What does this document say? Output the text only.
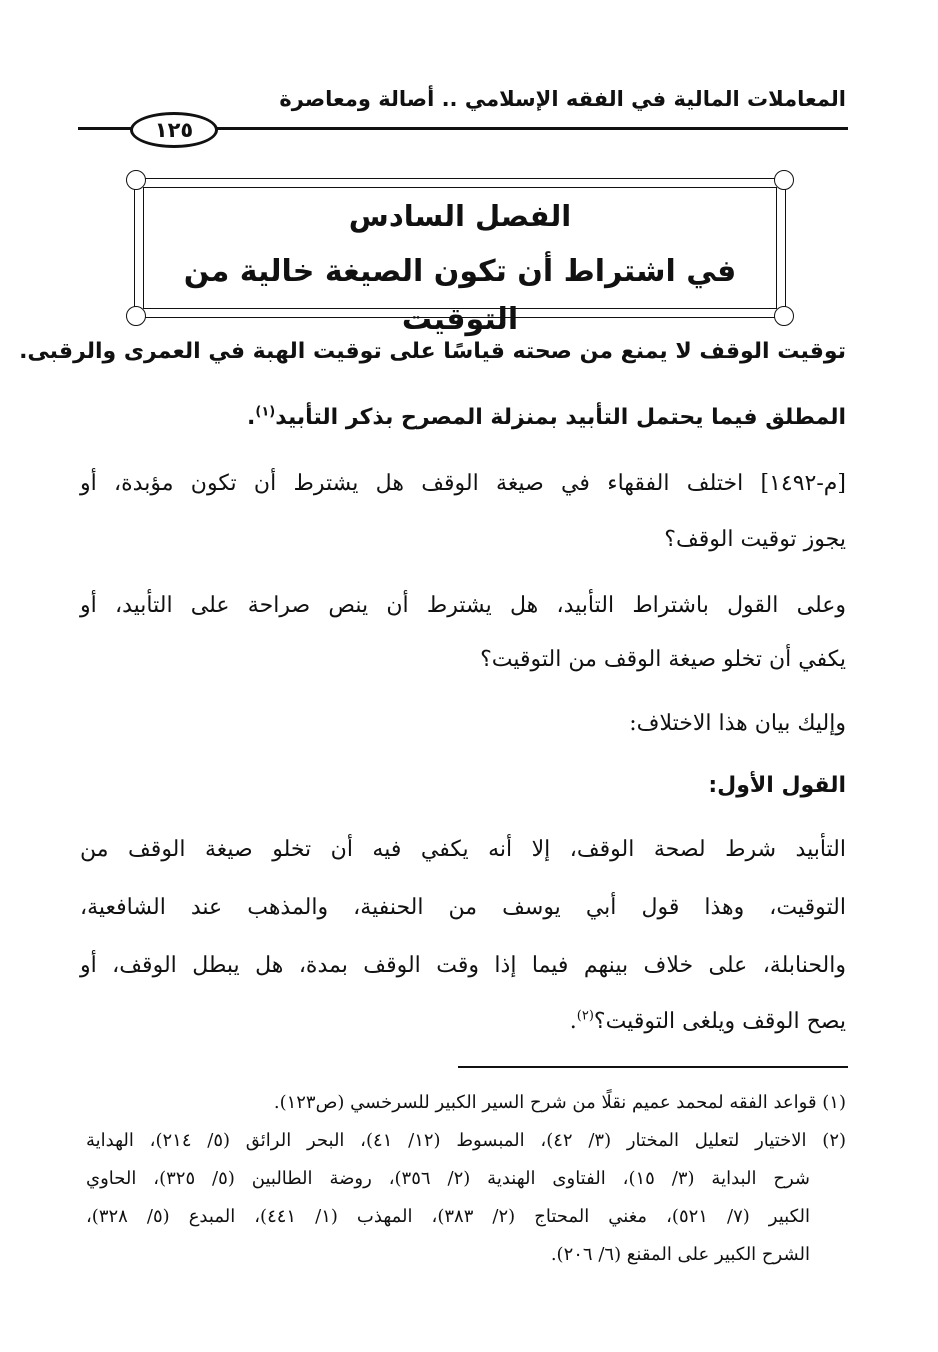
المعاملات المالية في الفقه الإسلامي .. أصالة ومعاصرة
١٢٥
الفصل السادس
في اشتراط أن تكون الصيغة خالية من التوقيت
توقيت الوقف لا يمنع من صحته قياسًا على توقيت الهبة في العمرى والرقبى.
المطلق فيما يحتمل التأبيد بمنزلة المصرح بذكر التأبيد$^{(١)}$.
[م-١٤٩٢] اختلف الفقهاء في صيغة الوقف هل يشترط أن تكون مؤبدة، أو
يجوز توقيت الوقف؟
وعلى القول باشتراط التأبيد، هل يشترط أن ينص صراحة على التأبيد، أو
يكفي أن تخلو صيغة الوقف من التوقيت؟
وإليك بيان هذا الاختلاف:
القول الأول:
التأبيد شرط لصحة الوقف، إلا أنه يكفي فيه أن تخلو صيغة الوقف من
التوقيت، وهذا قول أبي يوسف من الحنفية، والمذهب عند الشافعية،
والحنابلة، على خلاف بينهم فيما إذا وقت الوقف بمدة، هل يبطل الوقف، أو
يصح الوقف ويلغى التوقيت؟$^{(٢)}$.
(١) قواعد الفقه لمحمد عميم نقلًا من شرح السير الكبير للسرخسي (ص١٢٣).
(٢) الاختيار لتعليل المختار (٣/ ٤٢)، المبسوط (١٢/ ٤١)، البحر الرائق (٥/ ٢١٤)، الهداية
شرح البداية (٣/ ١٥)، الفتاوى الهندية (٢/ ٣٥٦)، روضة الطالبين (٥/ ٣٢٥)، الحاوي
الكبير (٧/ ٥٢١)، مغني المحتاج (٢/ ٣٨٣)، المهذب (١/ ٤٤١)، المبدع (٥/ ٣٢٨)،
الشرح الكبير على المقنع (٦/ ٢٠٦).
